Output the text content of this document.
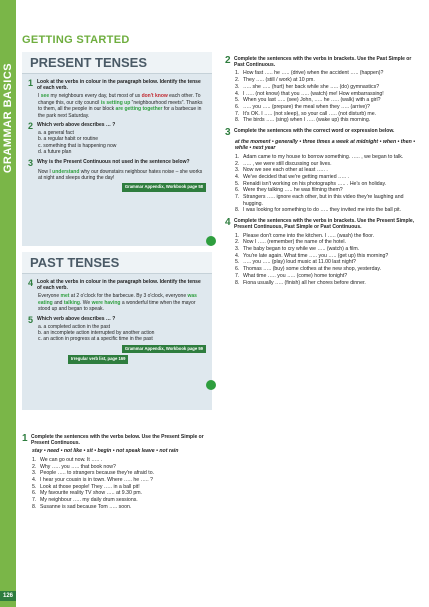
GRAMMAR BASICS
126
GETTING STARTED
PRESENT TENSES
1 Look at the verbs in colour in the paragraph below. Identify the tense of each verb.
I see my neighbours every day, but most of us don't know each other. To change this, our city council is setting up “neighbourhood meets”. Thanks to them, all the people in our block are getting together for a barbecue in the park next Saturday.
2 Which verb above describes … ?
a. a general fact
b. a regular habit or routine
c. something that is happening now
d. a future plan
3 Why is the Present Continuous not used in the sentence below?
Now I understand why our downstairs neighbour hates noise – she works at night and sleeps during the day!
Grammar Appendix, Workbook page 58
PAST TENSES
4 Look at the verbs in colour in the paragraph below. Identify the tense of each verb.
Everyone met at 2 o'clock for the barbecue. By 3 o'clock, everyone was eating and talking. We were having a wonderful time when the mayor stood up and began to speak.
5 Which verb above describes … ?
a. a completed action in the past
b. an incomplete action interrupted by another action
c. an action in progress at a specific time in the past
Grammar Appendix, Workbook page 59
Irregular verb list, page 169
1 Complete the sentences with the verbs below. Use the Present Simple or Present Continuous.
stay • need • not like • sit • begin • not speak leave • not rain
1. We can go out now. It ….. .
2. Why ….. you ….. that book now?
3. People ….. to strangers because they're afraid to.
4. I hear your cousin is in town. Where ….. he ….. ?
5. Look at those people! They ….. in a ball pit!
6. My favourite reality TV show ….. at 9.30 pm.
7. My neighbour ….. my daily drum sessions.
8. Susanne is sad because Tom ….. soon.
2 Complete the sentences with the verbs in brackets. Use the Past Simple or Past Continuous.
1. How fast ….. he ….. (drive) when the accident ….. (happen)?
2. They ….. (still / work) at 10 pm.
3. ….. she ….. (hurt) her back while she ….. (do) gymnastics?
4. I ….. (not know) that you ….. (watch) me! How embarrassing!
5. When you last ….. (see) John, ….. he ….. (walk) with a girl?
6. ….. you ….. (prepare) the meal when they ….. (arrive)?
7. It's OK. I ….. (not sleep), so your call ….. (not disturb) me.
8. The birds ….. (sing) when I ….. (wake up) this morning.
3 Complete the sentences with the correct word or expression below.
at the moment • generally • three times a week at midnight • when • then • while • next year
1. Adam came to my house to borrow something. ….. , we began to talk.
2. ….. , we were still discussing our lives.
3. Now we see each other at least ….. .
4. We've decided that we're getting married ….. .
5. Renaldi isn't working on his photographs ….. . He's on holiday.
6. Were they talking ….. he was filming them?
7. Strangers ….. ignore each other, but in this video they're laughing and hugging.
8. I was looking for something to do ….. they invited me into the ball pit.
4 Complete the sentences with the verbs in brackets. Use the Present Simple, Present Continuous, Past Simple or Past Continuous.
1. Please don't come into the kitchen. I ….. (wash) the floor.
2. Now I ….. (remember) the name of the hotel.
3. The baby began to cry while we ….. (watch) a film.
4. You're late again. What time ….. you ….. (get up) this morning?
5. ….. you ….. (play) loud music at 11.00 last night?
6. Thomas ….. (buy) some clothes at the new shop, yesterday.
7. What time ….. you ….. (come) home tonight?
8. Fiona usually ….. (finish) all her chores before dinner.
